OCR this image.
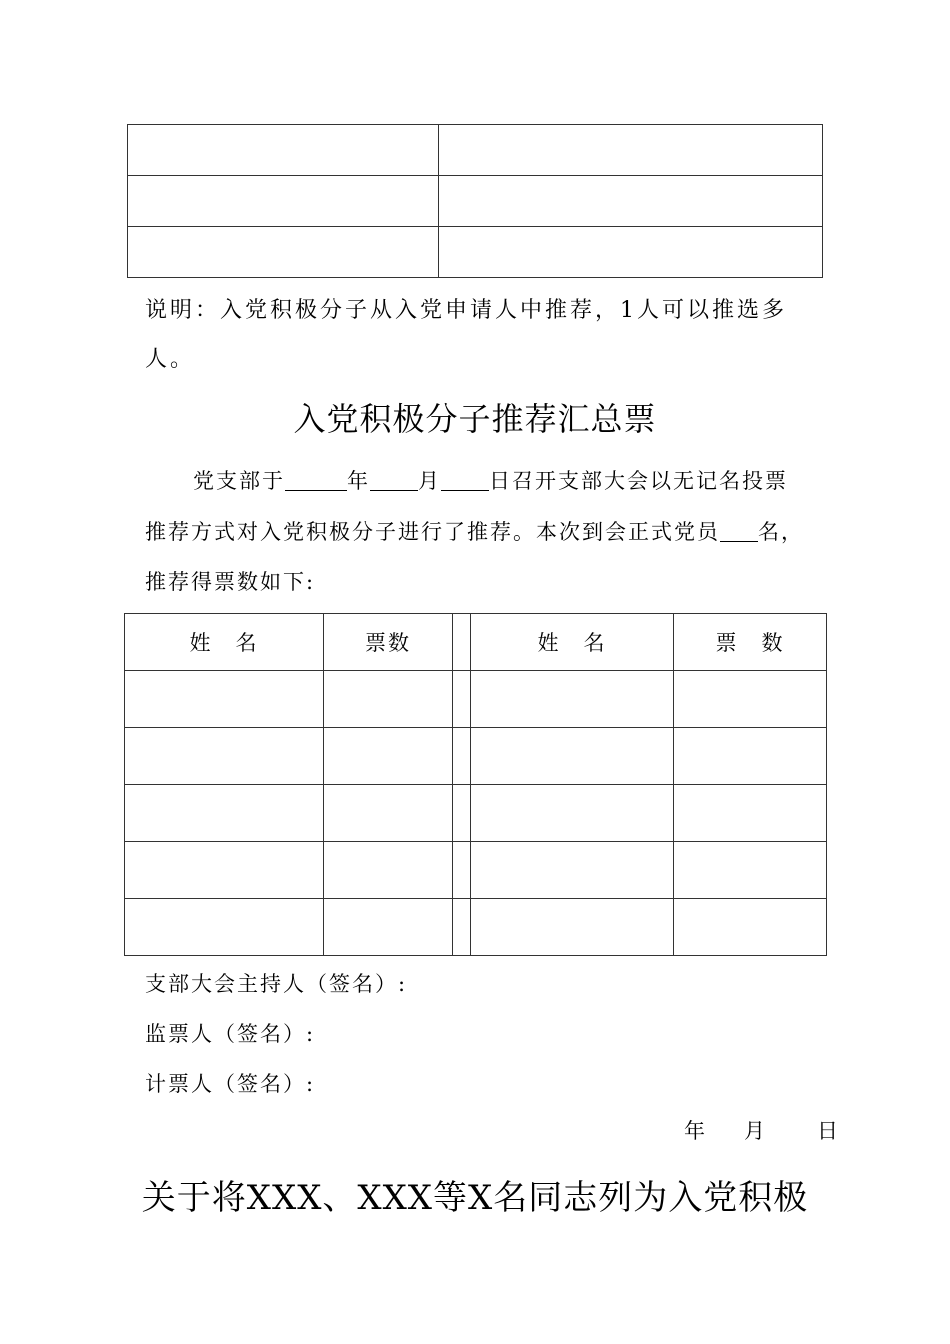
说明：入党积极分子从入党申请人中推荐，1人可以推选多人。
入党积极分子推荐汇总票
党支部于	年 月 日召开支部大会以无记名投票
推荐方式对入党积极分子进行了推荐。本次到会正式党员 名，
推荐得票数如下:
姓　名	票数		姓　名	票　数

支部大会主持人（签名）:
监票人（签名）:
计票人（签名）:
年	月	日
关于将XXX、XXX等X名同志列为入党积极
